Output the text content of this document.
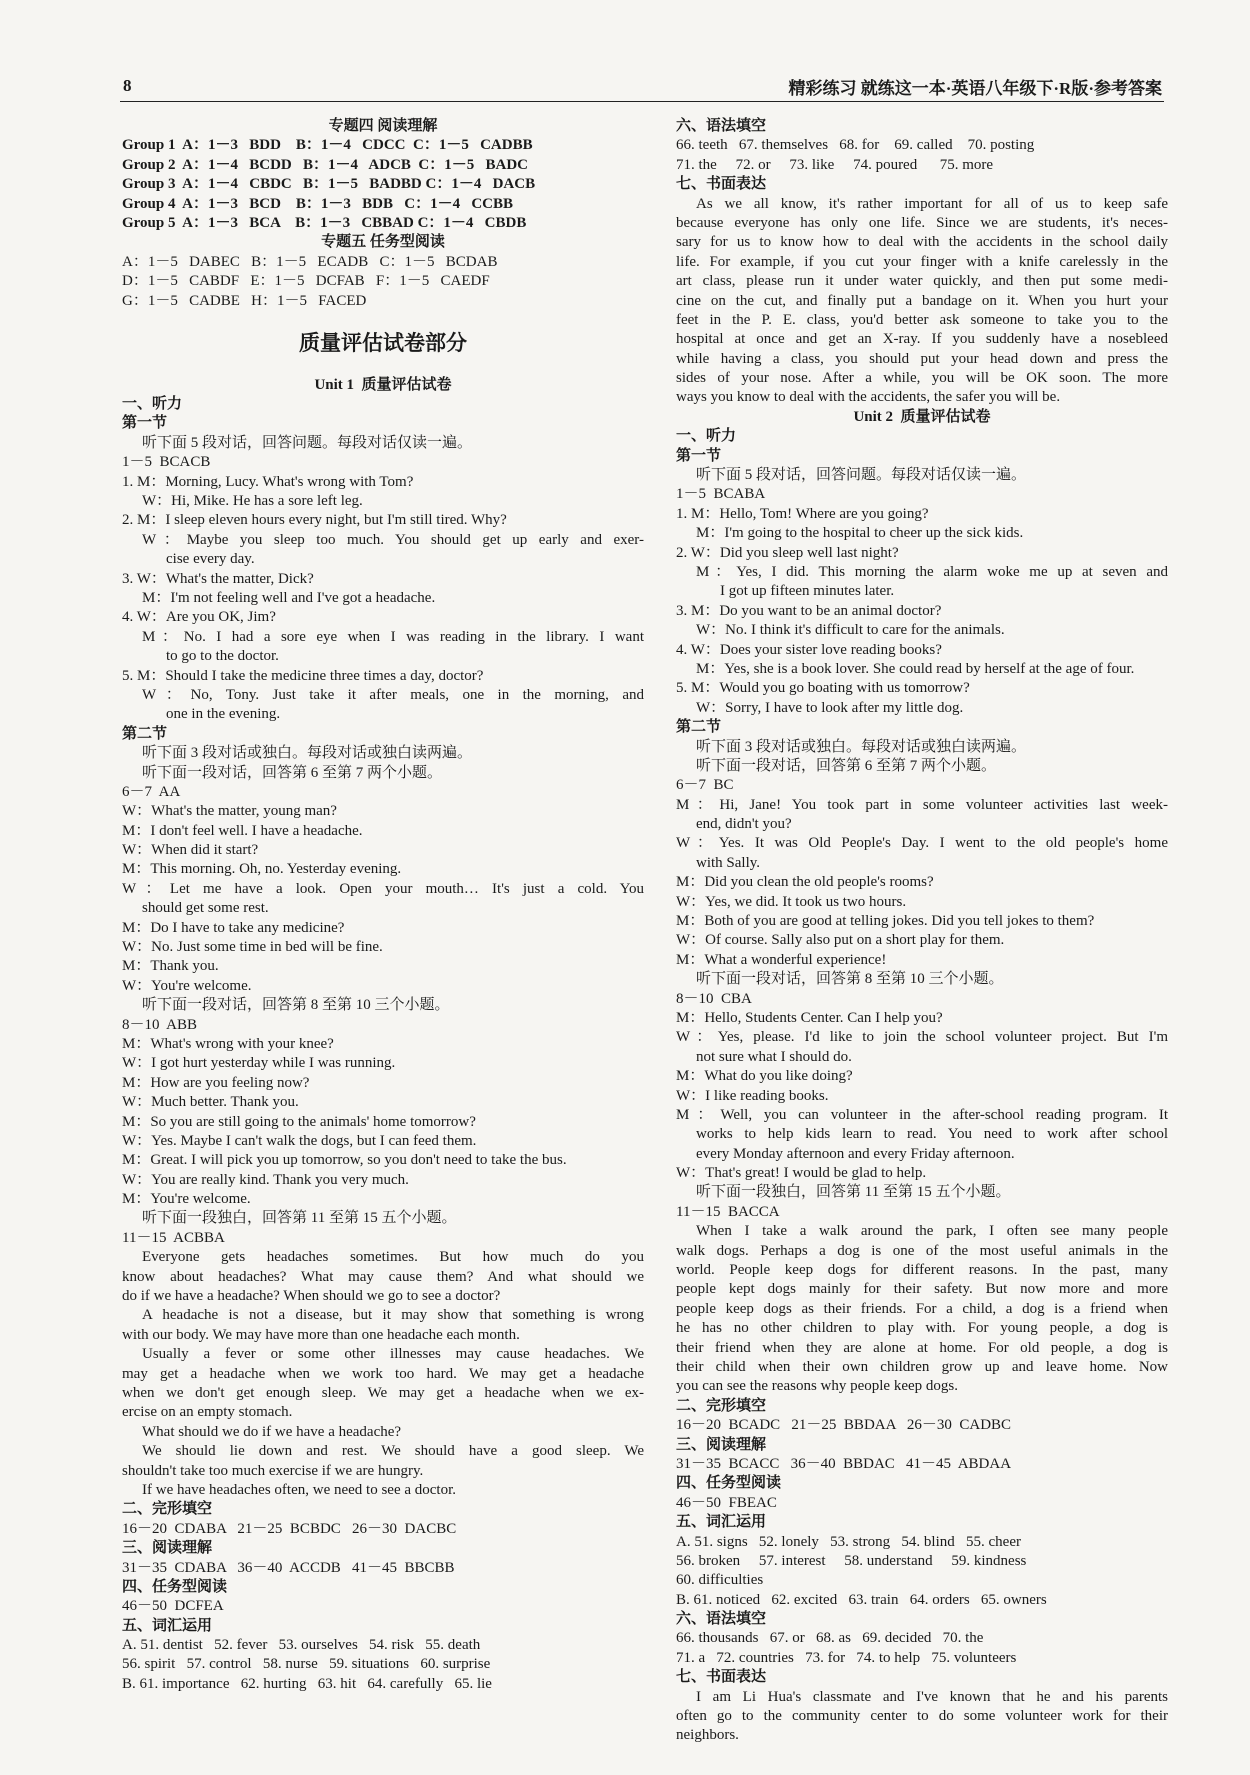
8	精彩练习 就练这一本·英语八年级下·R版·参考答案
专题四 阅读理解
Group 1  A：1－3   BDD    B：1－4   CDCC  C：1－5   CADBB
Group 2  A：1－4   BCDD   B：1－4   ADCB  C：1－5   BADC
Group 3  A：1－4   CBDC   B：1－5   BADBD C：1－4   DACB
Group 4  A：1－3   BCD    B：1－3   BDB   C：1－4   CCBB
Group 5  A：1－3   BCA    B：1－3   CBBAD C：1－4   CBDB
专题五 任务型阅读
A：1－5   DABEC   B：1－5   ECADB   C：1－5   BCDAB
D：1－5   CABDF   E：1－5   DCFAB   F：1－5   CAEDF
G：1－5   CADBE   H：1－5   FACED
质量评估试卷部分
Unit 1  质量评估试卷
一、听力
第一节
听下面 5 段对话，回答问题。每段对话仅读一遍。
1－5  BCACB
1. M：Morning, Lucy. What's wrong with Tom?
W：Hi, Mike. He has a sore left leg.
2. M：I sleep eleven hours every night, but I'm still tired. Why?
W：Maybe you sleep too much. You should get up early and exer-
cise every day.
3. W：What's the matter, Dick?
M：I'm not feeling well and I've got a headache.
4. W：Are you OK, Jim?
M：No. I had a sore eye when I was reading in the library. I want
to go to the doctor.
5. M：Should I take the medicine three times a day, doctor?
W：No, Tony. Just take it after meals, one in the morning, and
one in the evening.
第二节
听下面 3 段对话或独白。每段对话或独白读两遍。
听下面一段对话，回答第 6 至第 7 两个小题。
6－7  AA
W：What's the matter, young man?
M：I don't feel well. I have a headache.
W：When did it start?
M：This morning. Oh, no. Yesterday evening.
W：Let me have a look. Open your mouth… It's just a cold. You
should get some rest.
M：Do I have to take any medicine?
W：No. Just some time in bed will be fine.
M：Thank you.
W：You're welcome.
听下面一段对话，回答第 8 至第 10 三个小题。
8－10  ABB
M：What's wrong with your knee?
W：I got hurt yesterday while I was running.
M：How are you feeling now?
W：Much better. Thank you.
M：So you are still going to the animals' home tomorrow?
W：Yes. Maybe I can't walk the dogs, but I can feed them.
M：Great. I will pick you up tomorrow, so you don't need to take the bus.
W：You are really kind. Thank you very much.
M：You're welcome.
听下面一段独白，回答第 11 至第 15 五个小题。
11－15  ACBBA
Everyone gets headaches sometimes. But how much do you
know about headaches? What may cause them? And what should we
do if we have a headache? When should we go to see a doctor?
A headache is not a disease, but it may show that something is wrong
with our body. We may have more than one headache each month.
Usually a fever or some other illnesses may cause headaches. We
may get a headache when we work too hard. We may get a headache
when we don't get enough sleep. We may get a headache when we ex-
ercise on an empty stomach.
What should we do if we have a headache?
We should lie down and rest. We should have a good sleep. We
shouldn't take too much exercise if we are hungry.
If we have headaches often, we need to see a doctor.
二、完形填空
16－20  CDABA   21－25  BCBDC   26－30  DACBC
三、阅读理解
31－35  CDABA   36－40  ACCDB   41－45  BBCBB
四、任务型阅读
46－50  DCFEA
五、词汇运用
A. 51. dentist   52. fever   53. ourselves   54. risk   55. death
56. spirit   57. control   58. nurse   59. situations   60. surprise
B. 61. importance   62. hurting   63. hit   64. carefully   65. lie
六、语法填空
66. teeth   67. themselves   68. for    69. called    70. posting
71. the     72. or     73. like     74. poured      75. more
七、书面表达
As we all know, it's rather important for all of us to keep safe
because everyone has only one life. Since we are students, it's neces-
sary for us to know how to deal with the accidents in the school daily
life. For example, if you cut your finger with a knife carelessly in the
art class, please run it under water quickly, and then put some medi-
cine on the cut, and finally put a bandage on it. When you hurt your
feet in the P. E. class, you'd better ask someone to take you to the
hospital at once and get an X-ray. If you suddenly have a nosebleed
while having a class, you should put your head down and press the
sides of your nose. After a while, you will be OK soon. The more
ways you know to deal with the accidents, the safer you will be.
Unit 2  质量评估试卷
一、听力
第一节
听下面 5 段对话，回答问题。每段对话仅读一遍。
1－5  BCABA
1. M：Hello, Tom! Where are you going?
M：I'm going to the hospital to cheer up the sick kids.
2. W：Did you sleep well last night?
M：Yes, I did. This morning the alarm woke me up at seven and
I got up fifteen minutes later.
3. M：Do you want to be an animal doctor?
W：No. I think it's difficult to care for the animals.
4. W：Does your sister love reading books?
M：Yes, she is a book lover. She could read by herself at the age of four.
5. M：Would you go boating with us tomorrow?
W：Sorry, I have to look after my little dog.
第二节
听下面 3 段对话或独白。每段对话或独白读两遍。
听下面一段对话，回答第 6 至第 7 两个小题。
6－7  BC
M：Hi, Jane! You took part in some volunteer activities last week-
end, didn't you?
W：Yes. It was Old People's Day. I went to the old people's home
with Sally.
M：Did you clean the old people's rooms?
W：Yes, we did. It took us two hours.
M：Both of you are good at telling jokes. Did you tell jokes to them?
W：Of course. Sally also put on a short play for them.
M：What a wonderful experience!
听下面一段对话，回答第 8 至第 10 三个小题。
8－10  CBA
M：Hello, Students Center. Can I help you?
W：Yes, please. I'd like to join the school volunteer project. But I'm
not sure what I should do.
M：What do you like doing?
W：I like reading books.
M：Well, you can volunteer in the after-school reading program. It
works to help kids learn to read. You need to work after school
every Monday afternoon and every Friday afternoon.
W：That's great! I would be glad to help.
听下面一段独白，回答第 11 至第 15 五个小题。
11－15  BACCA
When I take a walk around the park, I often see many people
walk dogs. Perhaps a dog is one of the most useful animals in the
world. People keep dogs for different reasons. In the past, many
people kept dogs mainly for their safety. But now more and more
people keep dogs as their friends. For a child, a dog is a friend when
he has no other children to play with. For young people, a dog is
their friend when they are alone at home. For old people, a dog is
their child when their own children grow up and leave home. Now
you can see the reasons why people keep dogs.
二、完形填空
16－20  BCADC   21－25  BBDAA   26－30  CADBC
三、阅读理解
31－35  BCACC   36－40  BBDAC   41－45  ABDAA
四、任务型阅读
46－50  FBEAC
五、词汇运用
A. 51. signs   52. lonely   53. strong   54. blind   55. cheer
56. broken     57. interest     58. understand     59. kindness
60. difficulties
B. 61. noticed   62. excited   63. train   64. orders   65. owners
六、语法填空
66. thousands   67. or   68. as   69. decided   70. the
71. a   72. countries   73. for   74. to help   75. volunteers
七、书面表达
I am Li Hua's classmate and I've known that he and his parents
often go to the community center to do some volunteer work for their
neighbors.
